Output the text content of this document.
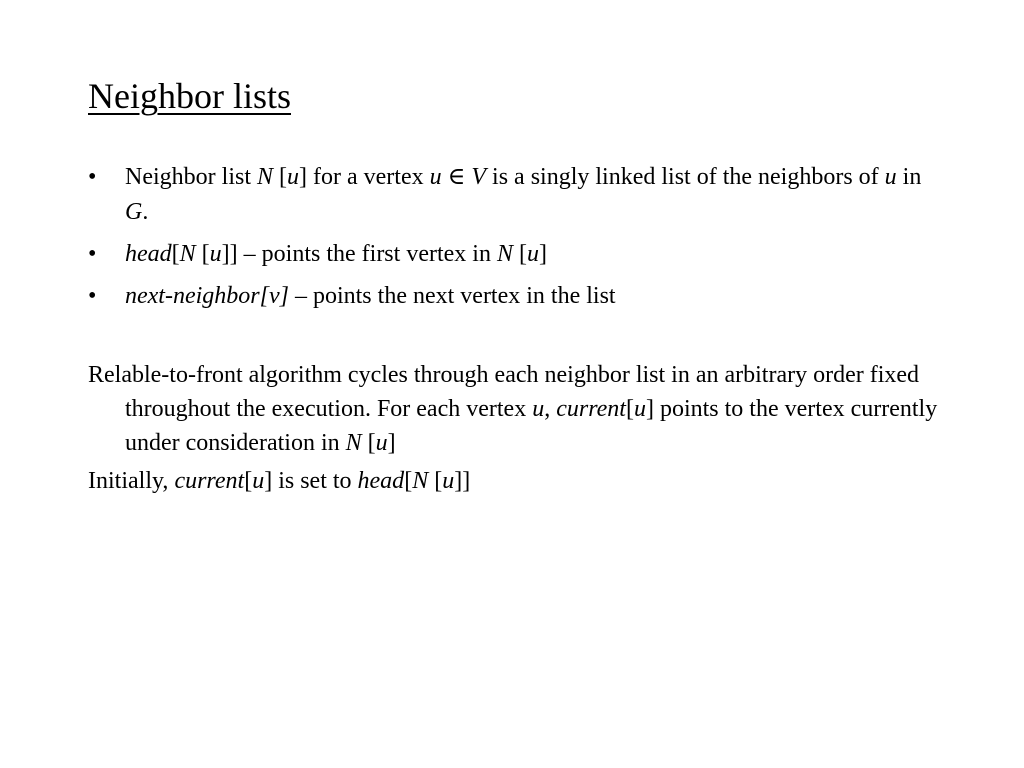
Neighbor lists
• Neighbor list N [u] for a vertex u ∈ V is a singly linked list of the neighbors of u in G.
• head[N [u]] – points the first vertex in N [u]
• next-neighbor[v] – points the next vertex in the list

Relable-to-front algorithm cycles through each neighbor list in an arbitrary order fixed throughout the execution. For each vertex u, current[u] points to the vertex currently under consideration in N [u]

Initially, current[u] is set to head[N [u]]
